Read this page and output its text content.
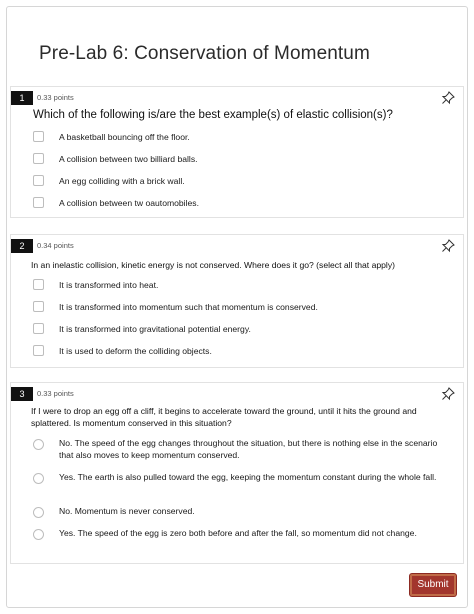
Pre-Lab 6: Conservation of Momentum
1	0.33 points
Which of the following is/are the best example(s) of elastic collision(s)?
A basketball bouncing off the floor.
A collision between two billiard balls.
An egg colliding with a brick wall.
A collision between tw oautomobiles.
2	0.34 points
In an inelastic collision, kinetic energy is not conserved. Where does it go? (select all that apply)
It is transformed into heat.
It is transformed into momentum such that momentum is conserved.
It is transformed into gravitational potential energy.
It is used to deform the colliding objects.
3	0.33 points
If I were to drop an egg off a cliff, it begins to accelerate toward the ground, until it hits the ground and splattered. Is momentum conserved in this situation?
No. The speed of the egg changes throughout the situation, but there is nothing else in the scenario that also moves to keep momentum conserved.
Yes. The earth is also pulled toward the egg, keeping the momentum constant during the whole fall.
No. Momentum is never conserved.
Yes. The speed of the egg is zero both before and after the fall, so momentum did not change.
Submit
